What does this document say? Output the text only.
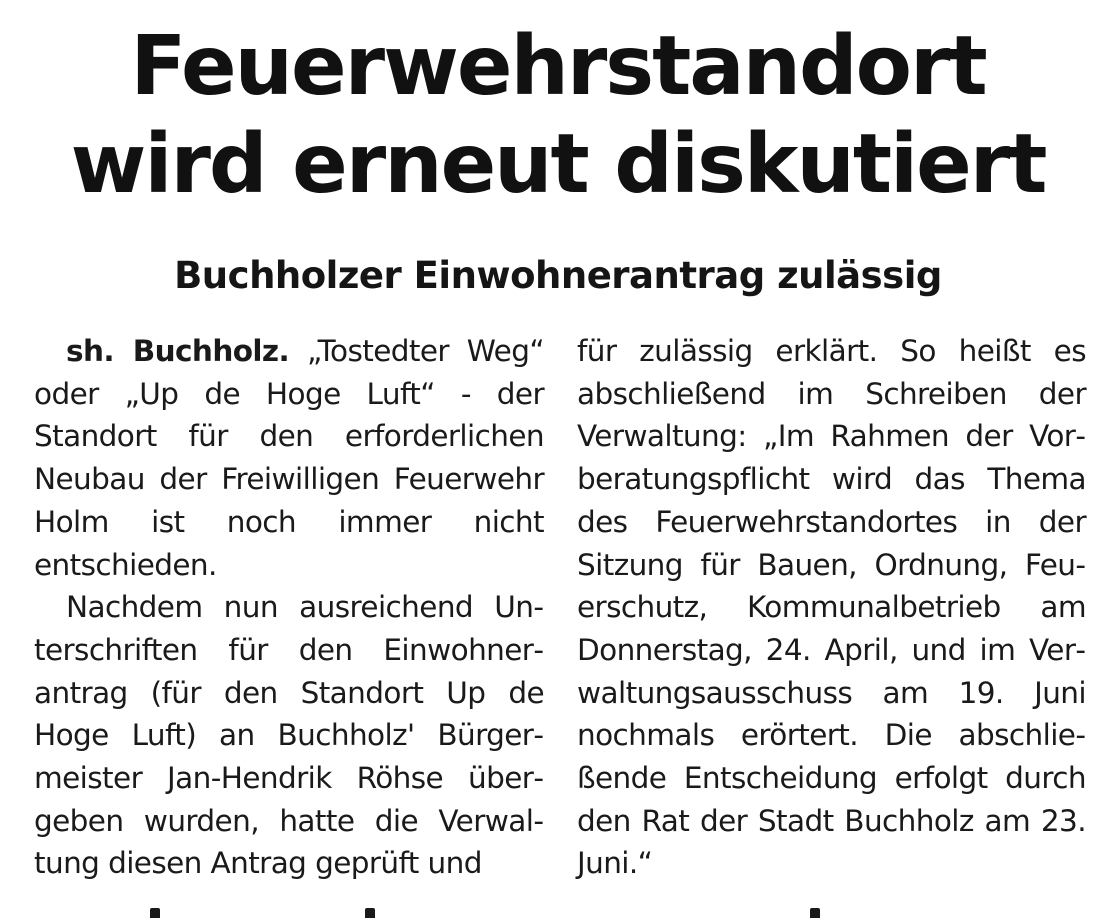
Feuerwehrstandort
wird erneut diskutiert
Buchholzer Einwohnerantrag zulässig

sh. Buchholz. „Tostedter Weg“ oder „Up de Hoge Luft“ - der Standort für den erforderlichen Neubau der Freiwilligen Feuerwehr Holm ist noch immer nicht entschieden.

Nachdem nun ausreichend Unterschriften für den Einwohnerantrag (für den Standort Up de Hoge Luft) an Buchholz' Bürgermeister Jan-Hendrik Röhse übergeben wurden, hatte die Verwaltung diesen Antrag geprüft und

für zulässig erklärt. So heißt es abschließend im Schreiben der Verwaltung: „Im Rahmen der Vorberatungspflicht wird das Thema des Feuerwehrstandortes in der Sitzung für Bauen, Ordnung, Feuerschutz, Kommunalbetrieb am Donnerstag, 24. April, und im Verwaltungsausschuss am 19. Juni nochmals erörtert. Die abschließende Entscheidung erfolgt durch den Rat der Stadt Buchholz am 23. Juni.“
